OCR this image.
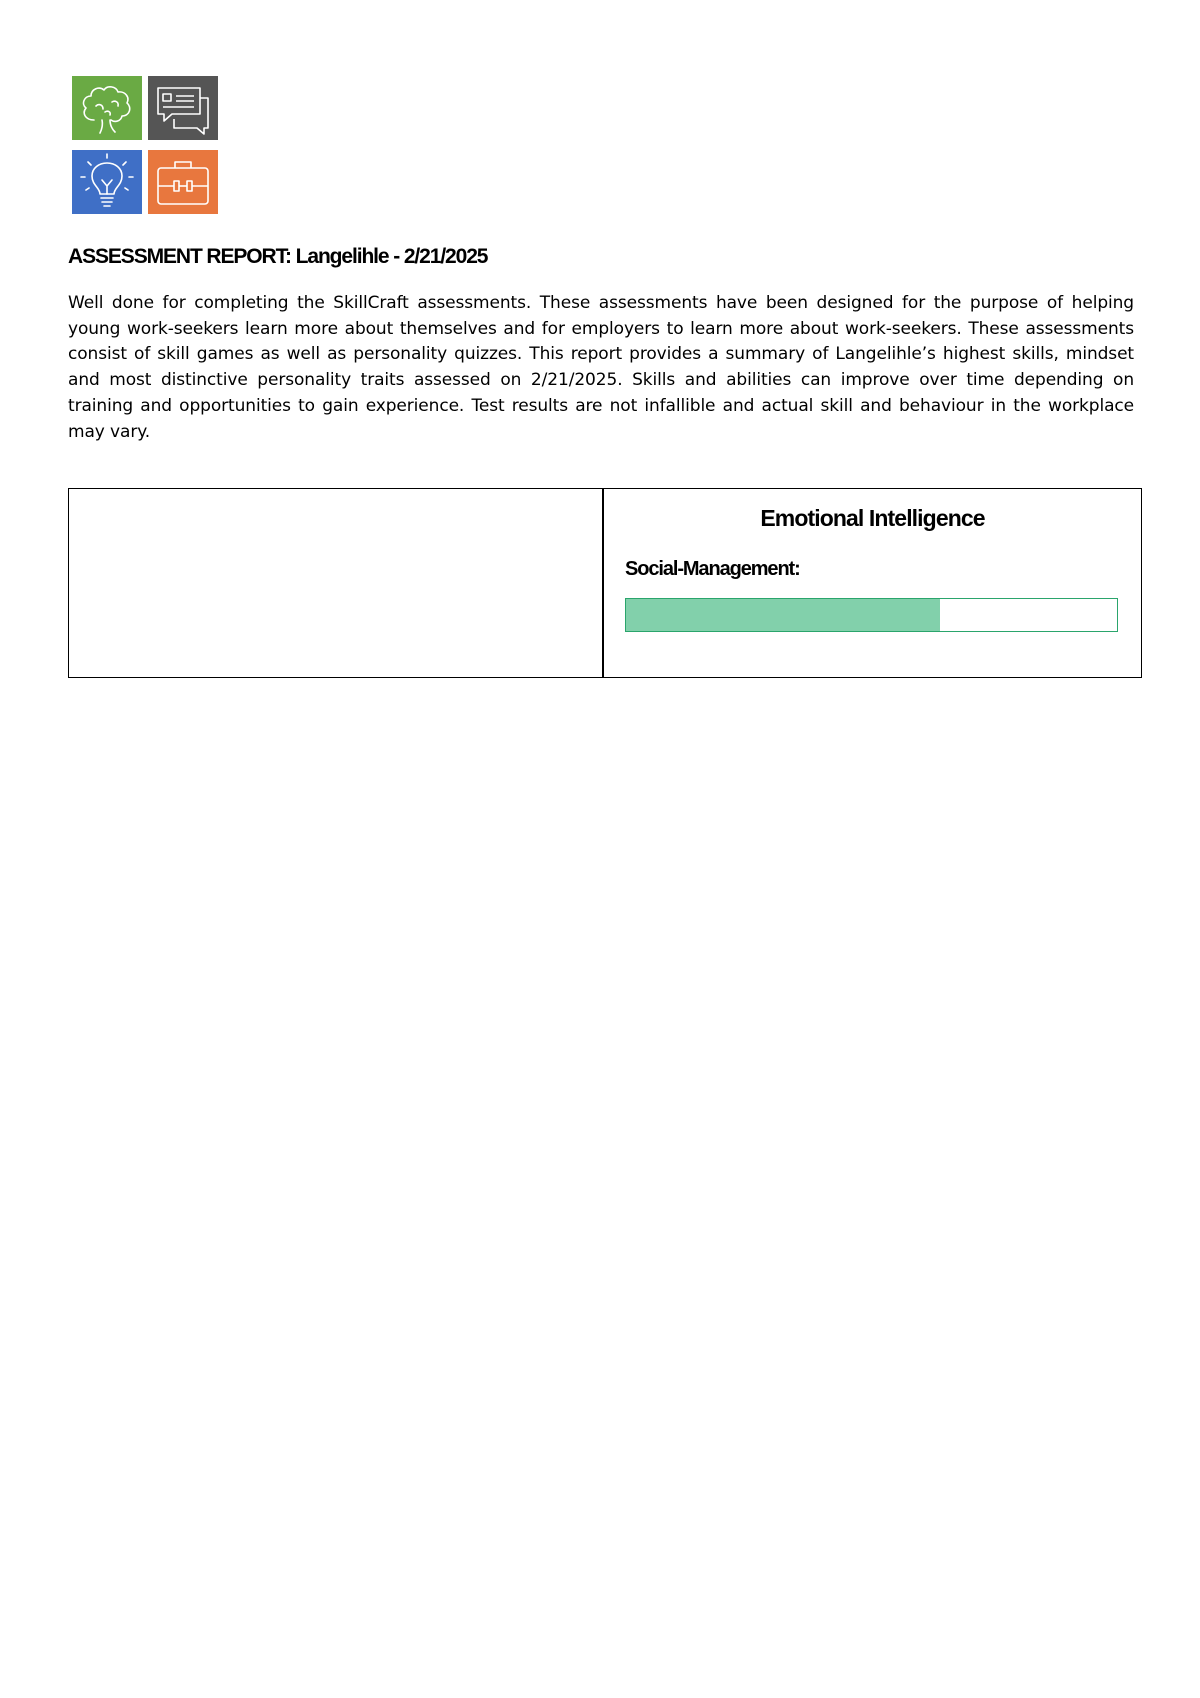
ASSESSMENT REPORT: Langelihle - 2/21/2025

Well done for completing the SkillCraft assessments. These assessments have been designed for the purpose of helping young work-seekers learn more about themselves and for employers to learn more about work-seekers. These assessments consist of skill games as well as personality quizzes. This report provides a summary of Langelihle’s highest skills, mindset and most distinctive personality traits assessed on 2/21/2025. Skills and abilities can improve over time depending on training and opportunities to gain experience. Test results are not infallible and actual skill and behaviour in the workplace may vary.

Emotional Intelligence
Social-Management:
